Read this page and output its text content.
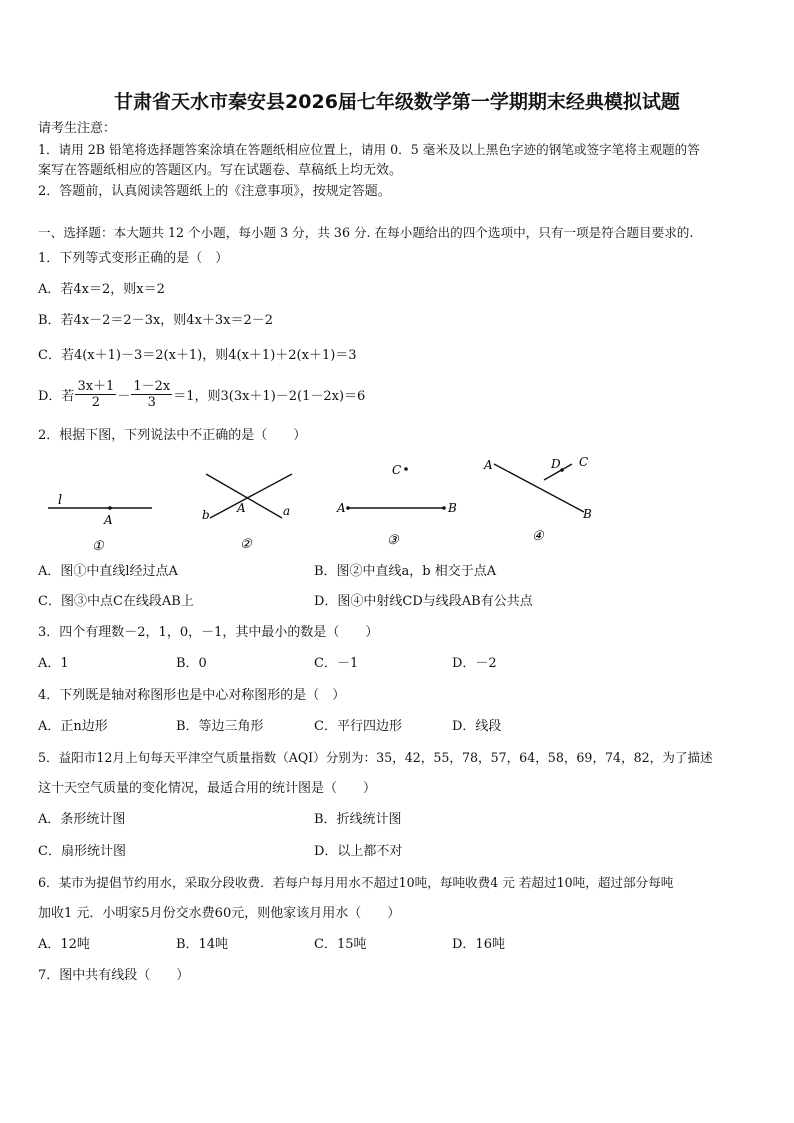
甘肃省天水市秦安县2026届七年级数学第一学期期末经典模拟试题
请考生注意：
1．请用 2B 铅笔将选择题答案涂填在答题纸相应位置上，请用 0．5 毫米及以上黑色字迹的钢笔或签字笔将主观题的答
案写在答题纸相应的答题区内。写在试题卷、草稿纸上均无效。
2．答题前，认真阅读答题纸上的《注意事项》，按规定答题。
一、选择题：本大题共 12 个小题，每小题 3 分，共 36 分. 在每小题给出的四个选项中，只有一项是符合题目要求的.
1．下列等式变形正确的是（　）
A．若4x＝2，则x＝2
B．若4x－2＝2－3x，则4x＋3x＝2－2
C．若4(x＋1)－3＝2(x＋1)，则4(x＋1)＋2(x＋1)＝3
D．若 $\frac{3x+1}{2} - \frac{1-2x}{3} =1$，则3(3x＋1)－2(1－2x)＝6
2．根据下图，下列说法中不正确的是（　　）
l
A
①
b A	a
②
C
A	B
③
A	D C
B
④
A．图①中直线l经过点A	B．图②中直线a，b 相交于点A
C．图③中点C在线段AB上	D．图④中射线CD与线段AB有公共点
3．四个有理数－2，1，0，－1，其中最小的数是（　　）
A．1	B．0	C．－1	D．－2
4．下列既是轴对称图形也是中心对称图形的是（　）
A．正n边形	B．等边三角形	C．平行四边形	D．线段
5．益阳市12月上旬每天平津空气质量指数（AQI）分别为：35，42，55，78，57，64，58，69，74，82，为了描述
这十天空气质量的变化情况，最适合用的统计图是（　　）
A．条形统计图	B．折线统计图
C．扇形统计图	D．以上都不对
6．某市为提倡节约用水，采取分段收费．若每户每月用水不超过10吨，每吨收费4 元 若超过10吨，超过部分每吨
加收1 元．小明家5月份交水费60元，则他家该月用水（　　）
A．12吨	B．14吨	C．15吨	D．16吨
7．图中共有线段（　　）
